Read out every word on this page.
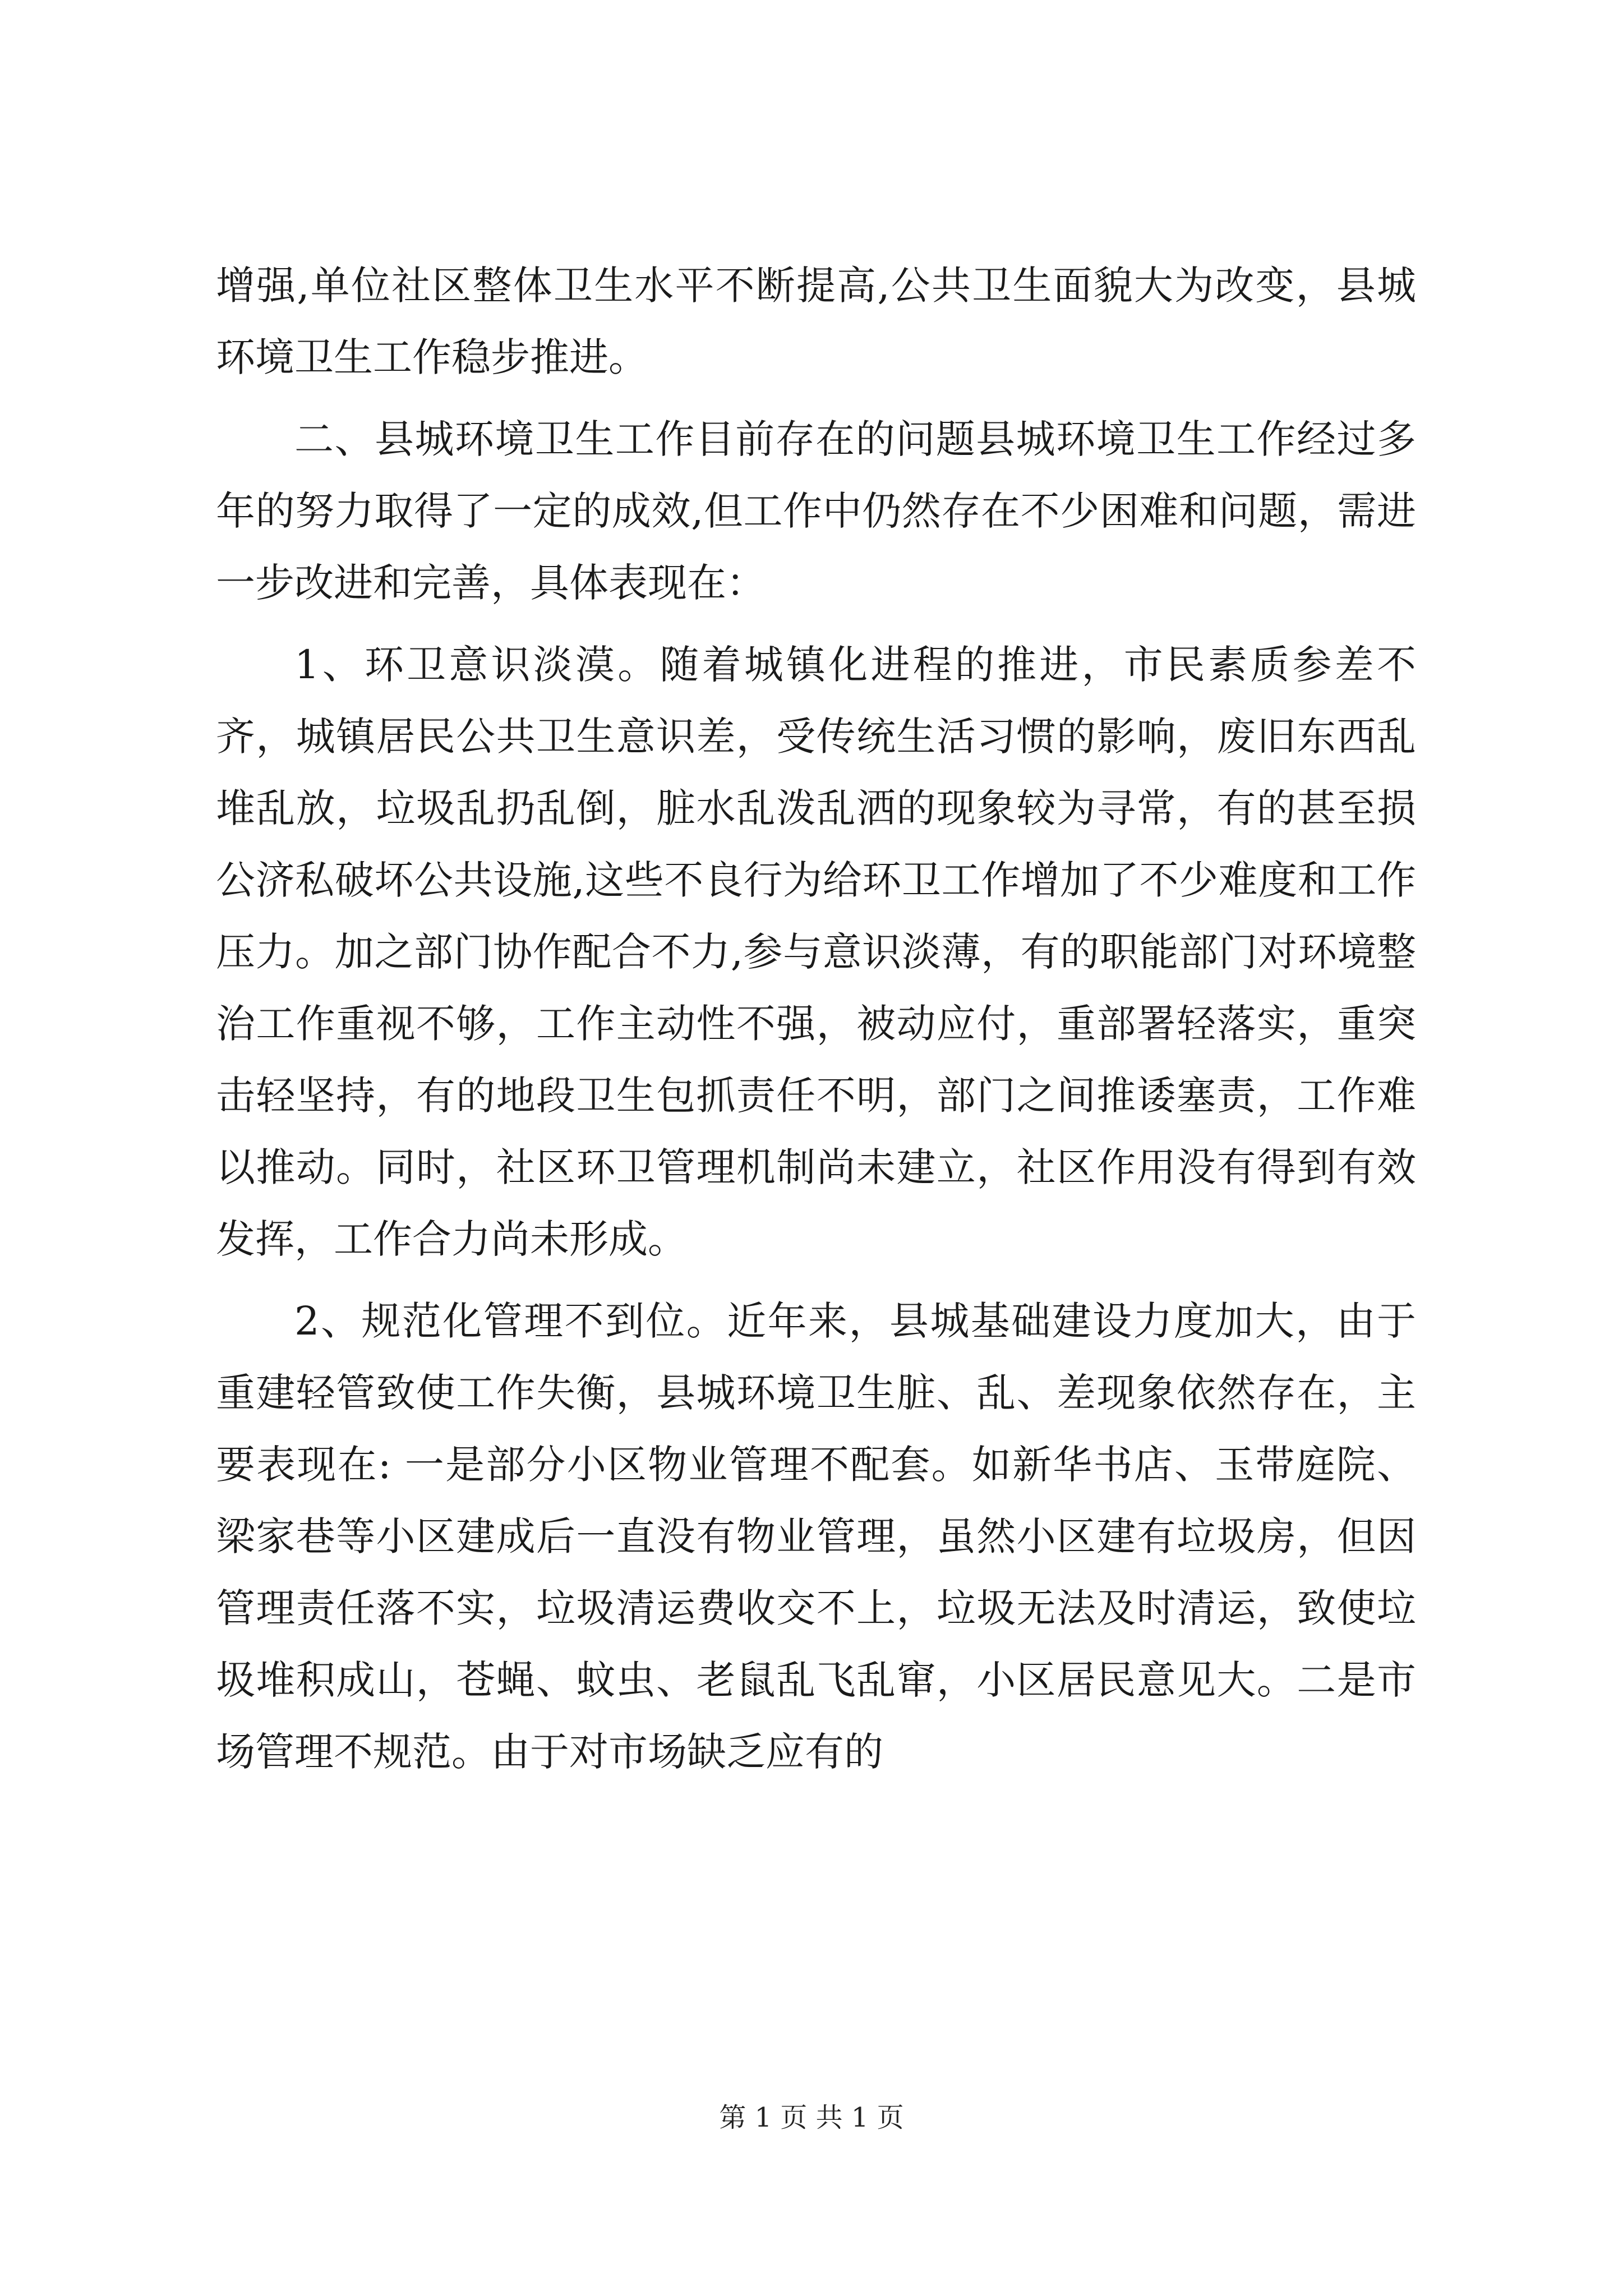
增强,单位社区整体卫生水平不断提高,公共卫生面貌大为改变，县城环境卫生工作稳步推进。

二、县城环境卫生工作目前存在的问题县城环境卫生工作经过多年的努力取得了一定的成效,但工作中仍然存在不少困难和问题，需进一步改进和完善，具体表现在：

1、环卫意识淡漠。随着城镇化进程的推进，市民素质参差不齐，城镇居民公共卫生意识差，受传统生活习惯的影响，废旧东西乱堆乱放，垃圾乱扔乱倒，脏水乱泼乱洒的现象较为寻常，有的甚至损公济私破坏公共设施,这些不良行为给环卫工作增加了不少难度和工作压力。加之部门协作配合不力,参与意识淡薄，有的职能部门对环境整治工作重视不够，工作主动性不强，被动应付，重部署轻落实，重突击轻坚持，有的地段卫生包抓责任不明，部门之间推诿塞责，工作难以推动。同时，社区环卫管理机制尚未建立，社区作用没有得到有效发挥，工作合力尚未形成。

2、规范化管理不到位。近年来，县城基础建设力度加大，由于重建轻管致使工作失衡，县城环境卫生脏、乱、差现象依然存在，主要表现在: 一是部分小区物业管理不配套。如新华书店、玉带庭院、梁家巷等小区建成后一直没有物业管理，虽然小区建有垃圾房，但因管理责任落不实，垃圾清运费收交不上，垃圾无法及时清运，致使垃圾堆积成山，苍蝇、蚊虫、老鼠乱飞乱窜，小区居民意见大。二是市场管理不规范。由于对市场缺乏应有的

第 1 页 共 1 页
